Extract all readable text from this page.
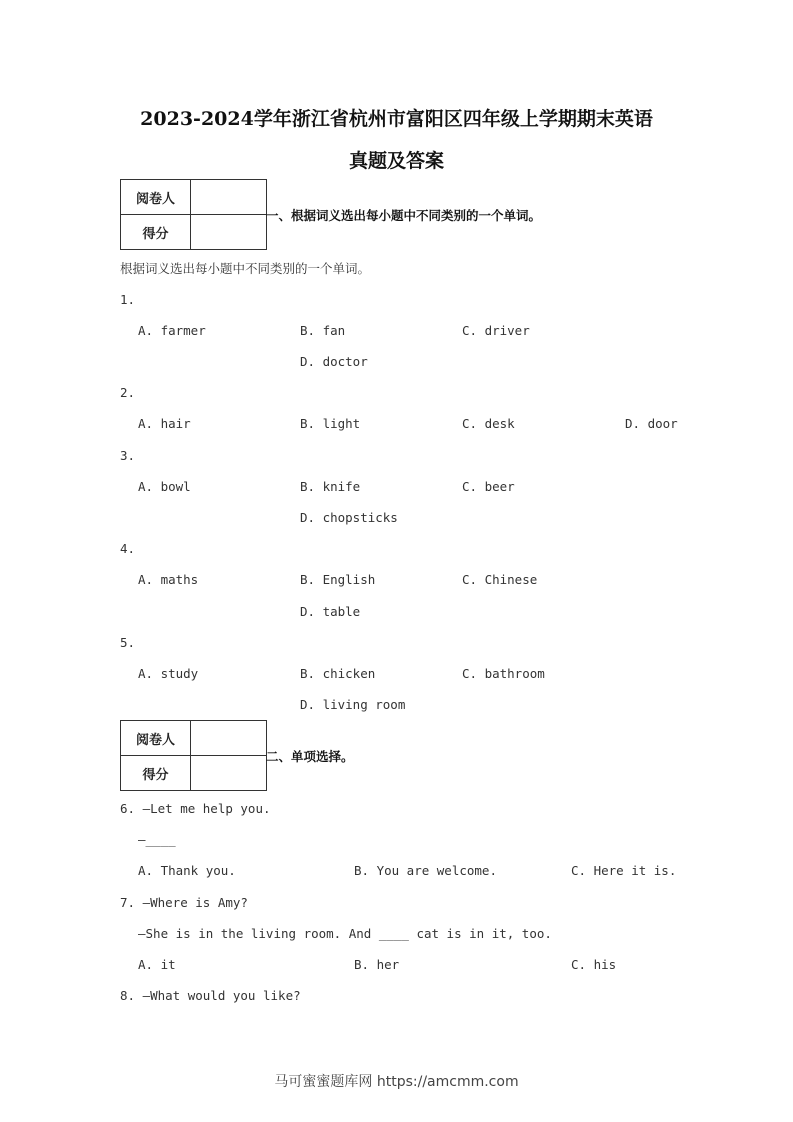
2023-2024学年浙江省杭州市富阳区四年级上学期期末英语
真题及答案
阅卷人	
得分	
一、根据词义选出每小题中不同类别的一个单词。
根据词义选出每小题中不同类别的一个单词。
1.
A. farmer	B. fan	C. driver
D. doctor
2.
A. hair	B. light	C. desk	D. door
3.
A. bowl	B. knife	C. beer
D. chopsticks
4.
A. maths	B. English	C. Chinese
D. table
5.
A. study	B. chicken	C. bathroom
D. living room
阅卷人	
得分	
二、单项选择。
6. —Let me help you.
—____
A. Thank you.	B. You are welcome.	C. Here it is.
7. —Where is Amy?
—She is in the living room. And ____ cat is in it, too.
A. it	B. her	C. his
8. —What would you like?
马可蜜蜜题库网 https://amcmm.com
